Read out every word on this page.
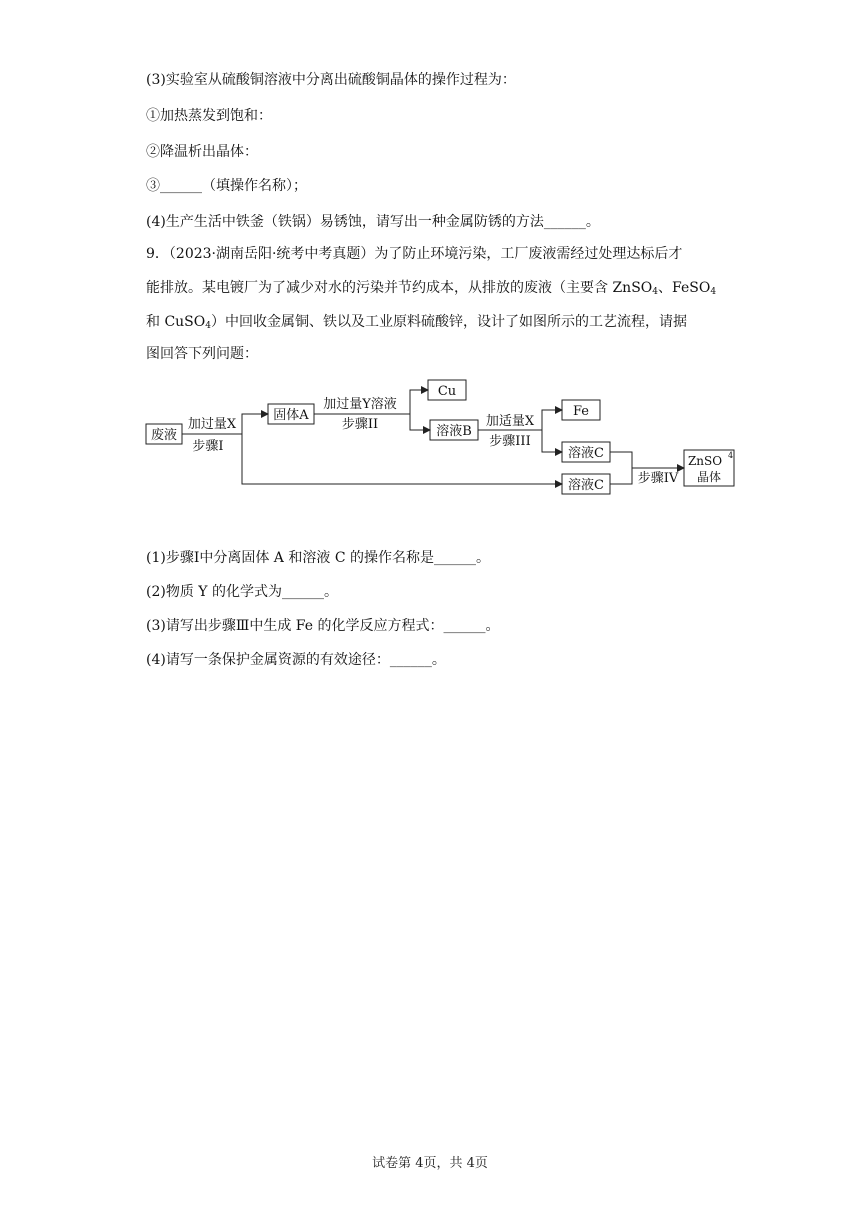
(3)实验室从硫酸铜溶液中分离出硫酸铜晶体的操作过程为：
①加热蒸发到饱和：
②降温析出晶体：
③______（填操作名称）；
(4)生产生活中铁釜（铁锅）易锈蚀，请写出一种金属防锈的方法______。
9．（2023·湖南岳阳·统考中考真题）为了防止环境污染，工厂废液需经过处理达标后才
能排放。某电镀厂为了减少对水的污染并节约成本，从排放的废液（主要含 ZnSO$_4$、FeSO$_4$
和 CuSO$_4$）中回收金属铜、铁以及工业原料硫酸锌，设计了如图所示的工艺流程，请据
图回答下列问题：
废液
固体A
Cu
溶液B
Fe
溶液C
溶液C
ZnSO 4
晶体
加过量X
步骤I
加过量Y溶液
步骤II	加适量X
步骤III
步骤IV
(1)步骤Ⅰ中分离固体 A 和溶液 C 的操作名称是______。
(2)物质 Y 的化学式为______。
(3)请写出步骤Ⅲ中生成 Fe 的化学反应方程式：______。
(4)请写一条保护金属资源的有效途径：______。
试卷第 4页，共 4页
